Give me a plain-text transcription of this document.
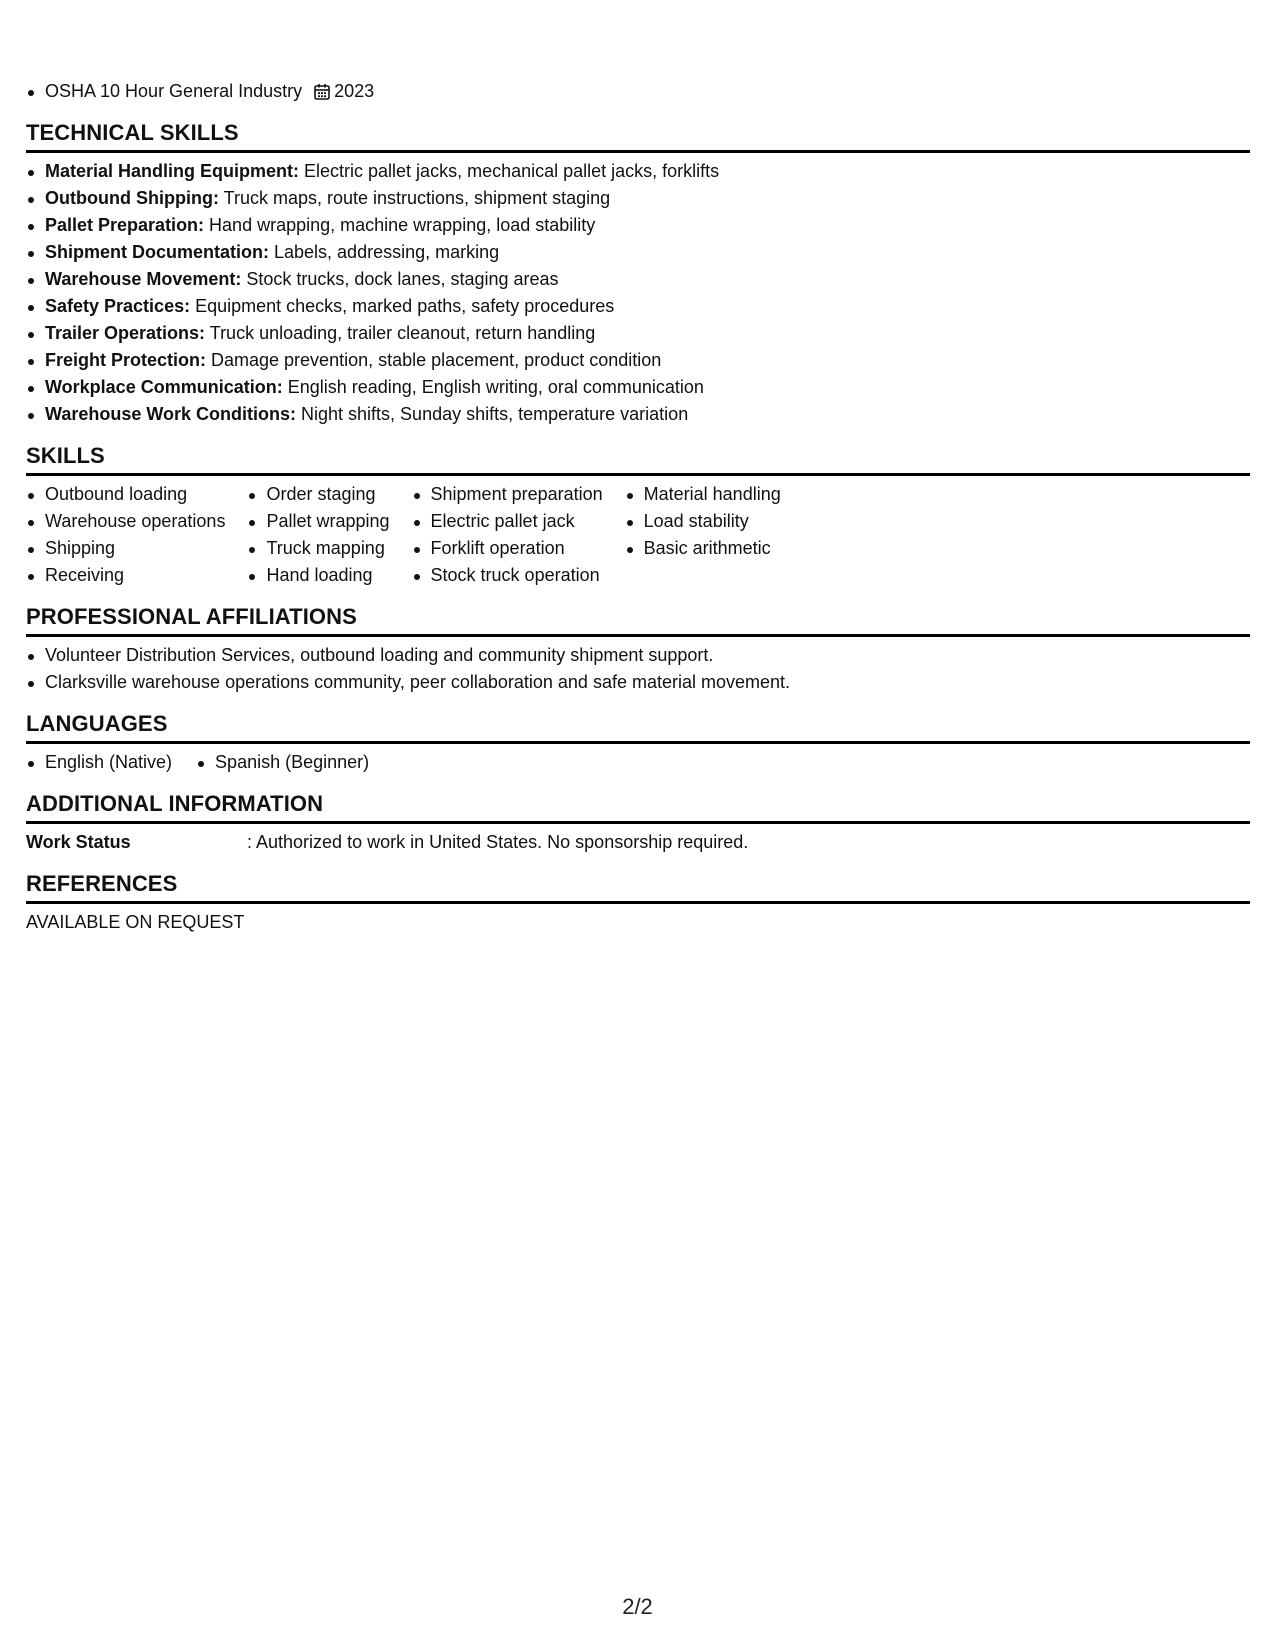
OSHA 10 Hour General Industry 2023
TECHNICAL SKILLS
Material Handling Equipment: Electric pallet jacks, mechanical pallet jacks, forklifts
Outbound Shipping: Truck maps, route instructions, shipment staging
Pallet Preparation: Hand wrapping, machine wrapping, load stability
Shipment Documentation: Labels, addressing, marking
Warehouse Movement: Stock trucks, dock lanes, staging areas
Safety Practices: Equipment checks, marked paths, safety procedures
Trailer Operations: Truck unloading, trailer cleanout, return handling
Freight Protection: Damage prevention, stable placement, product condition
Workplace Communication: English reading, English writing, oral communication
Warehouse Work Conditions: Night shifts, Sunday shifts, temperature variation
SKILLS
Outbound loading
Warehouse operations
Shipping
Receiving
Order staging
Pallet wrapping
Truck mapping
Hand loading
Shipment preparation
Electric pallet jack
Forklift operation
Stock truck operation
Material handling
Load stability
Basic arithmetic
PROFESSIONAL AFFILIATIONS
Volunteer Distribution Services, outbound loading and community shipment support.
Clarksville warehouse operations community, peer collaboration and safe material movement.
LANGUAGES
English (Native)	Spanish (Beginner)
ADDITIONAL INFORMATION
Work Status	: Authorized to work in United States. No sponsorship required.
REFERENCES
AVAILABLE ON REQUEST
2/2
